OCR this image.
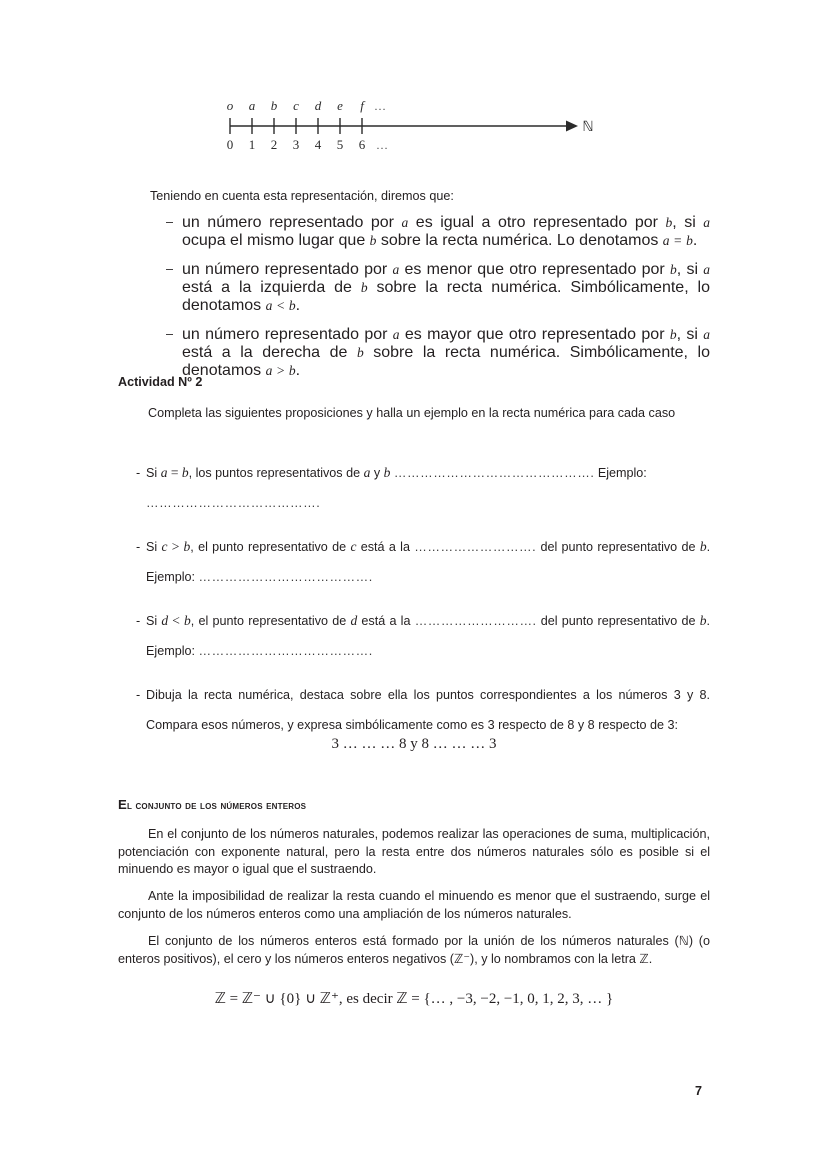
o a b c d e f …
0 1 2 3 4 5 6 …
ℕ
Teniendo en cuenta esta representación, diremos que:
– un número representado por a es igual a otro representado por b, si a ocupa el mismo lugar que b sobre la recta numérica. Lo denotamos a = b.
– un número representado por a es menor que otro representado por b, si a está a la izquierda de b sobre la recta numérica. Simbólicamente, lo denotamos a < b.
– un número representado por a es mayor que otro representado por b, si a está a la derecha de b sobre la recta numérica. Simbólicamente, lo denotamos a > b.
Actividad Nº 2

Completa las siguientes proposiciones y halla un ejemplo en la recta numérica para cada caso

- Si a = b, los puntos representativos de a y b ………………………………………. Ejemplo:
………………………………….
- Si c > b, el punto representativo de c está a la ………………………. del punto representativo de b. Ejemplo: ………………………………….
- Si d < b, el punto representativo de d está a la ………………………. del punto representativo de b. Ejemplo: ………………………………….
- Dibuja la recta numérica, destaca sobre ella los puntos correspondientes a los números 3 y 8. Compara esos números, y expresa simbólicamente como es 3 respecto de 8 y 8 respecto de 3:
3 … … … 8 y 8 … … … 3
El conjunto de los números enteros

En el conjunto de los números naturales, podemos realizar las operaciones de suma, multiplicación, potenciación con exponente natural, pero la resta entre dos números naturales sólo es posible si el minuendo es mayor o igual que el sustraendo.

Ante la imposibilidad de realizar la resta cuando el minuendo es menor que el sustraendo, surge el conjunto de los números enteros como una ampliación de los números naturales.

El conjunto de los números enteros está formado por la unión de los números naturales (ℕ) (o enteros positivos), el cero y los números enteros negativos (ℤ⁻), y lo nombramos con la letra ℤ.

ℤ = ℤ⁻ ∪ {0} ∪ ℤ⁺, es decir ℤ = {… , −3, −2, −1, 0, 1, 2, 3, … }
7
